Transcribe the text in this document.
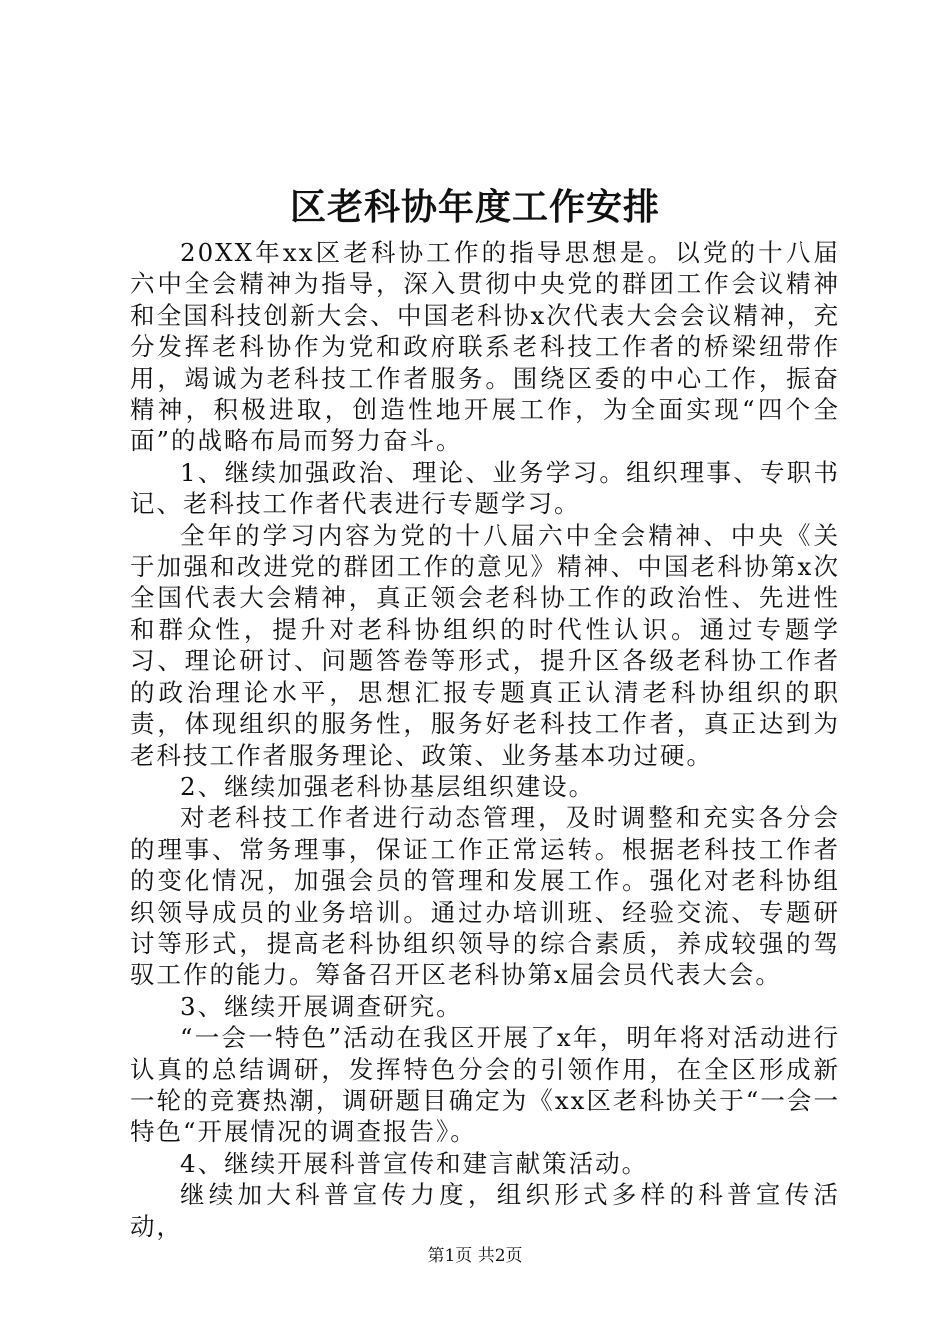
区老科协年度工作安排

20XX年xx区老科协工作的指导思想是。以党的十八届六中全会精神为指导，深入贯彻中央党的群团工作会议精神和全国科技创新大会、中国老科协x次代表大会会议精神，充分发挥老科协作为党和政府联系老科技工作者的桥梁纽带作用，竭诚为老科技工作者服务。围绕区委的中心工作，振奋精神，积极进取，创造性地开展工作，为全面实现“四个全面”的战略布局而努力奋斗。

1、继续加强政治、理论、业务学习。组织理事、专职书记、老科技工作者代表进行专题学习。

全年的学习内容为党的十八届六中全会精神、中央《关于加强和改进党的群团工作的意见》精神、中国老科协第x次全国代表大会精神，真正领会老科协工作的政治性、先进性和群众性，提升对老科协组织的时代性认识。通过专题学习、理论研讨、问题答卷等形式，提升区各级老科协工作者的政治理论水平，思想汇报专题真正认清老科协组织的职责，体现组织的服务性，服务好老科技工作者，真正达到为老科技工作者服务理论、政策、业务基本功过硬。

2、继续加强老科协基层组织建设。

对老科技工作者进行动态管理，及时调整和充实各分会的理事、常务理事，保证工作正常运转。根据老科技工作者的变化情况，加强会员的管理和发展工作。强化对老科协组织领导成员的业务培训。通过办培训班、经验交流、专题研讨等形式，提高老科协组织领导的综合素质，养成较强的驾驭工作的能力。筹备召开区老科协第x届会员代表大会。

3、继续开展调查研究。

“一会一特色”活动在我区开展了x年，明年将对活动进行认真的总结调研，发挥特色分会的引领作用，在全区形成新一轮的竞赛热潮，调研题目确定为《xx区老科协关于“一会一特色“开展情况的调查报告》。

4、继续开展科普宣传和建言献策活动。

继续加大科普宣传力度，组织形式多样的科普宣传活动，

第1页 共2页
